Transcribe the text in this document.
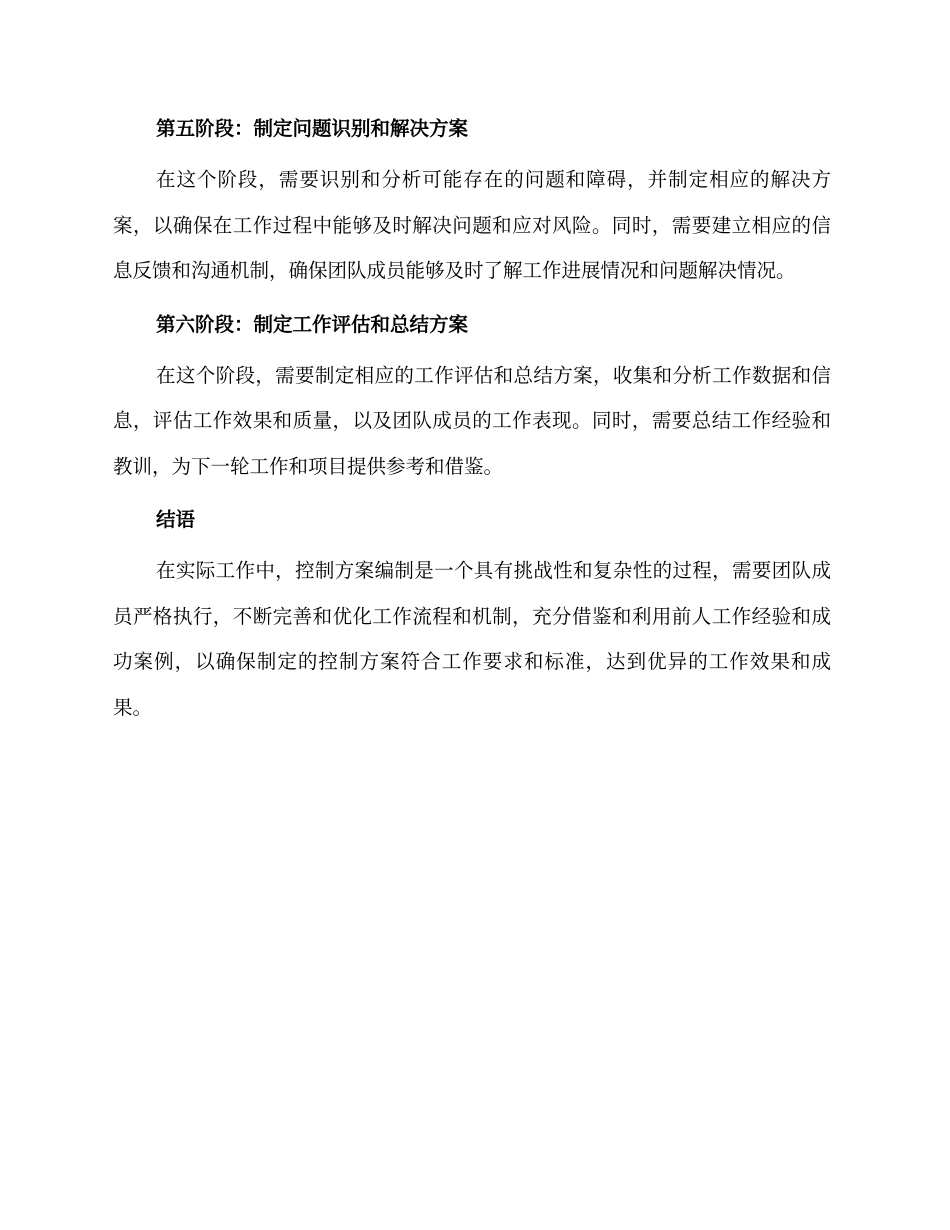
第五阶段：制定问题识别和解决方案

在这个阶段，需要识别和分析可能存在的问题和障碍，并制定相应的解决方案，以确保在工作过程中能够及时解决问题和应对风险。同时，需要建立相应的信息反馈和沟通机制，确保团队成员能够及时了解工作进展情况和问题解决情况。

第六阶段：制定工作评估和总结方案

在这个阶段，需要制定相应的工作评估和总结方案，收集和分析工作数据和信息，评估工作效果和质量，以及团队成员的工作表现。同时，需要总结工作经验和教训，为下一轮工作和项目提供参考和借鉴。

结语

在实际工作中，控制方案编制是一个具有挑战性和复杂性的过程，需要团队成员严格执行，不断完善和优化工作流程和机制，充分借鉴和利用前人工作经验和成功案例，以确保制定的控制方案符合工作要求和标准，达到优异的工作效果和成果。
